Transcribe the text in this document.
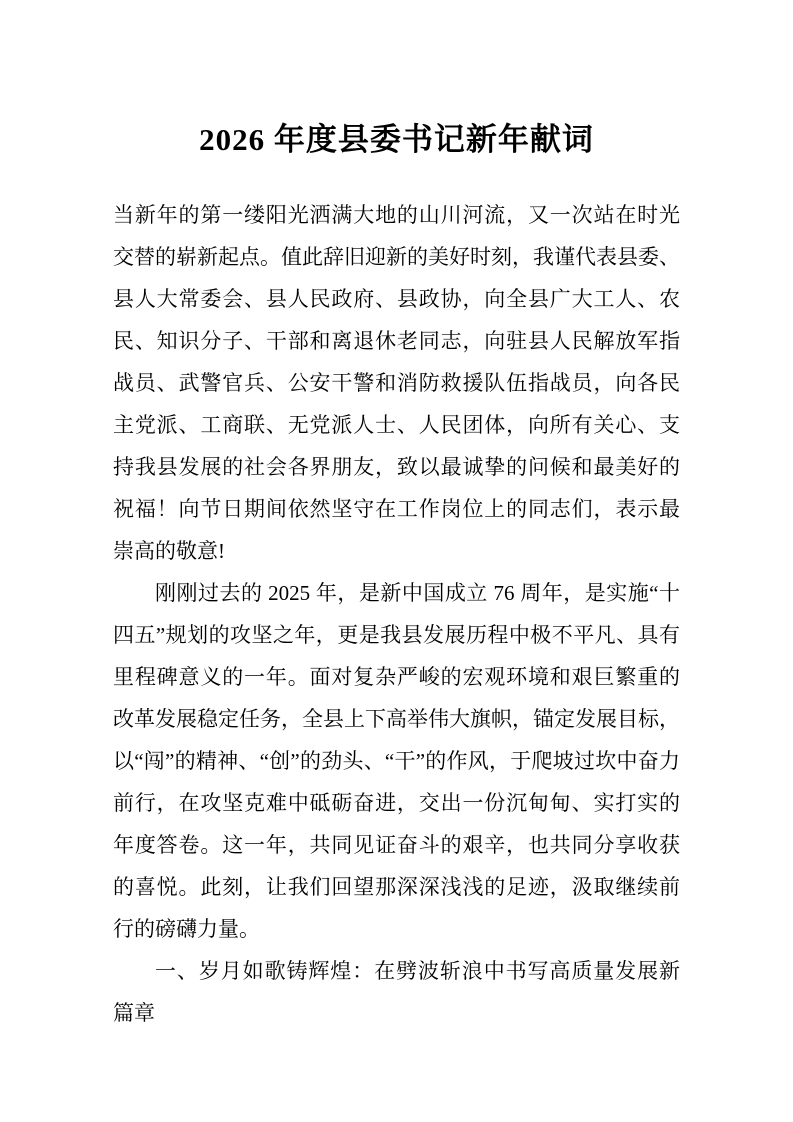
2026 年度县委书记新年献词

当新年的第一缕阳光洒满大地的山川河流，又一次站在时光
交替的崭新起点。值此辞旧迎新的美好时刻，我谨代表县委、
县人大常委会、县人民政府、县政协，向全县广大工人、农
民、知识分子、干部和离退休老同志，向驻县人民解放军指
战员、武警官兵、公安干警和消防救援队伍指战员，向各民
主党派、工商联、无党派人士、人民团体，向所有关心、支
持我县发展的社会各界朋友，致以最诚挚的问候和最美好的
祝福！向节日期间依然坚守在工作岗位上的同志们，表示最
崇高的敬意!

刚刚过去的 2025 年，是新中国成立 76 周年，是实施“十
四五”规划的攻坚之年，更是我县发展历程中极不平凡、具有
里程碑意义的一年。面对复杂严峻的宏观环境和艰巨繁重的
改革发展稳定任务，全县上下高举伟大旗帜，锚定发展目标，
以“闯”的精神、“创”的劲头、“干”的作风，于爬坡过坎中奋力
前行，在攻坚克难中砥砺奋进，交出一份沉甸甸、实打实的
年度答卷。这一年，共同见证奋斗的艰辛，也共同分享收获
的喜悦。此刻，让我们回望那深深浅浅的足迹，汲取继续前
行的磅礴力量。

一、岁月如歌铸辉煌：在劈波斩浪中书写高质量发展新
篇章
